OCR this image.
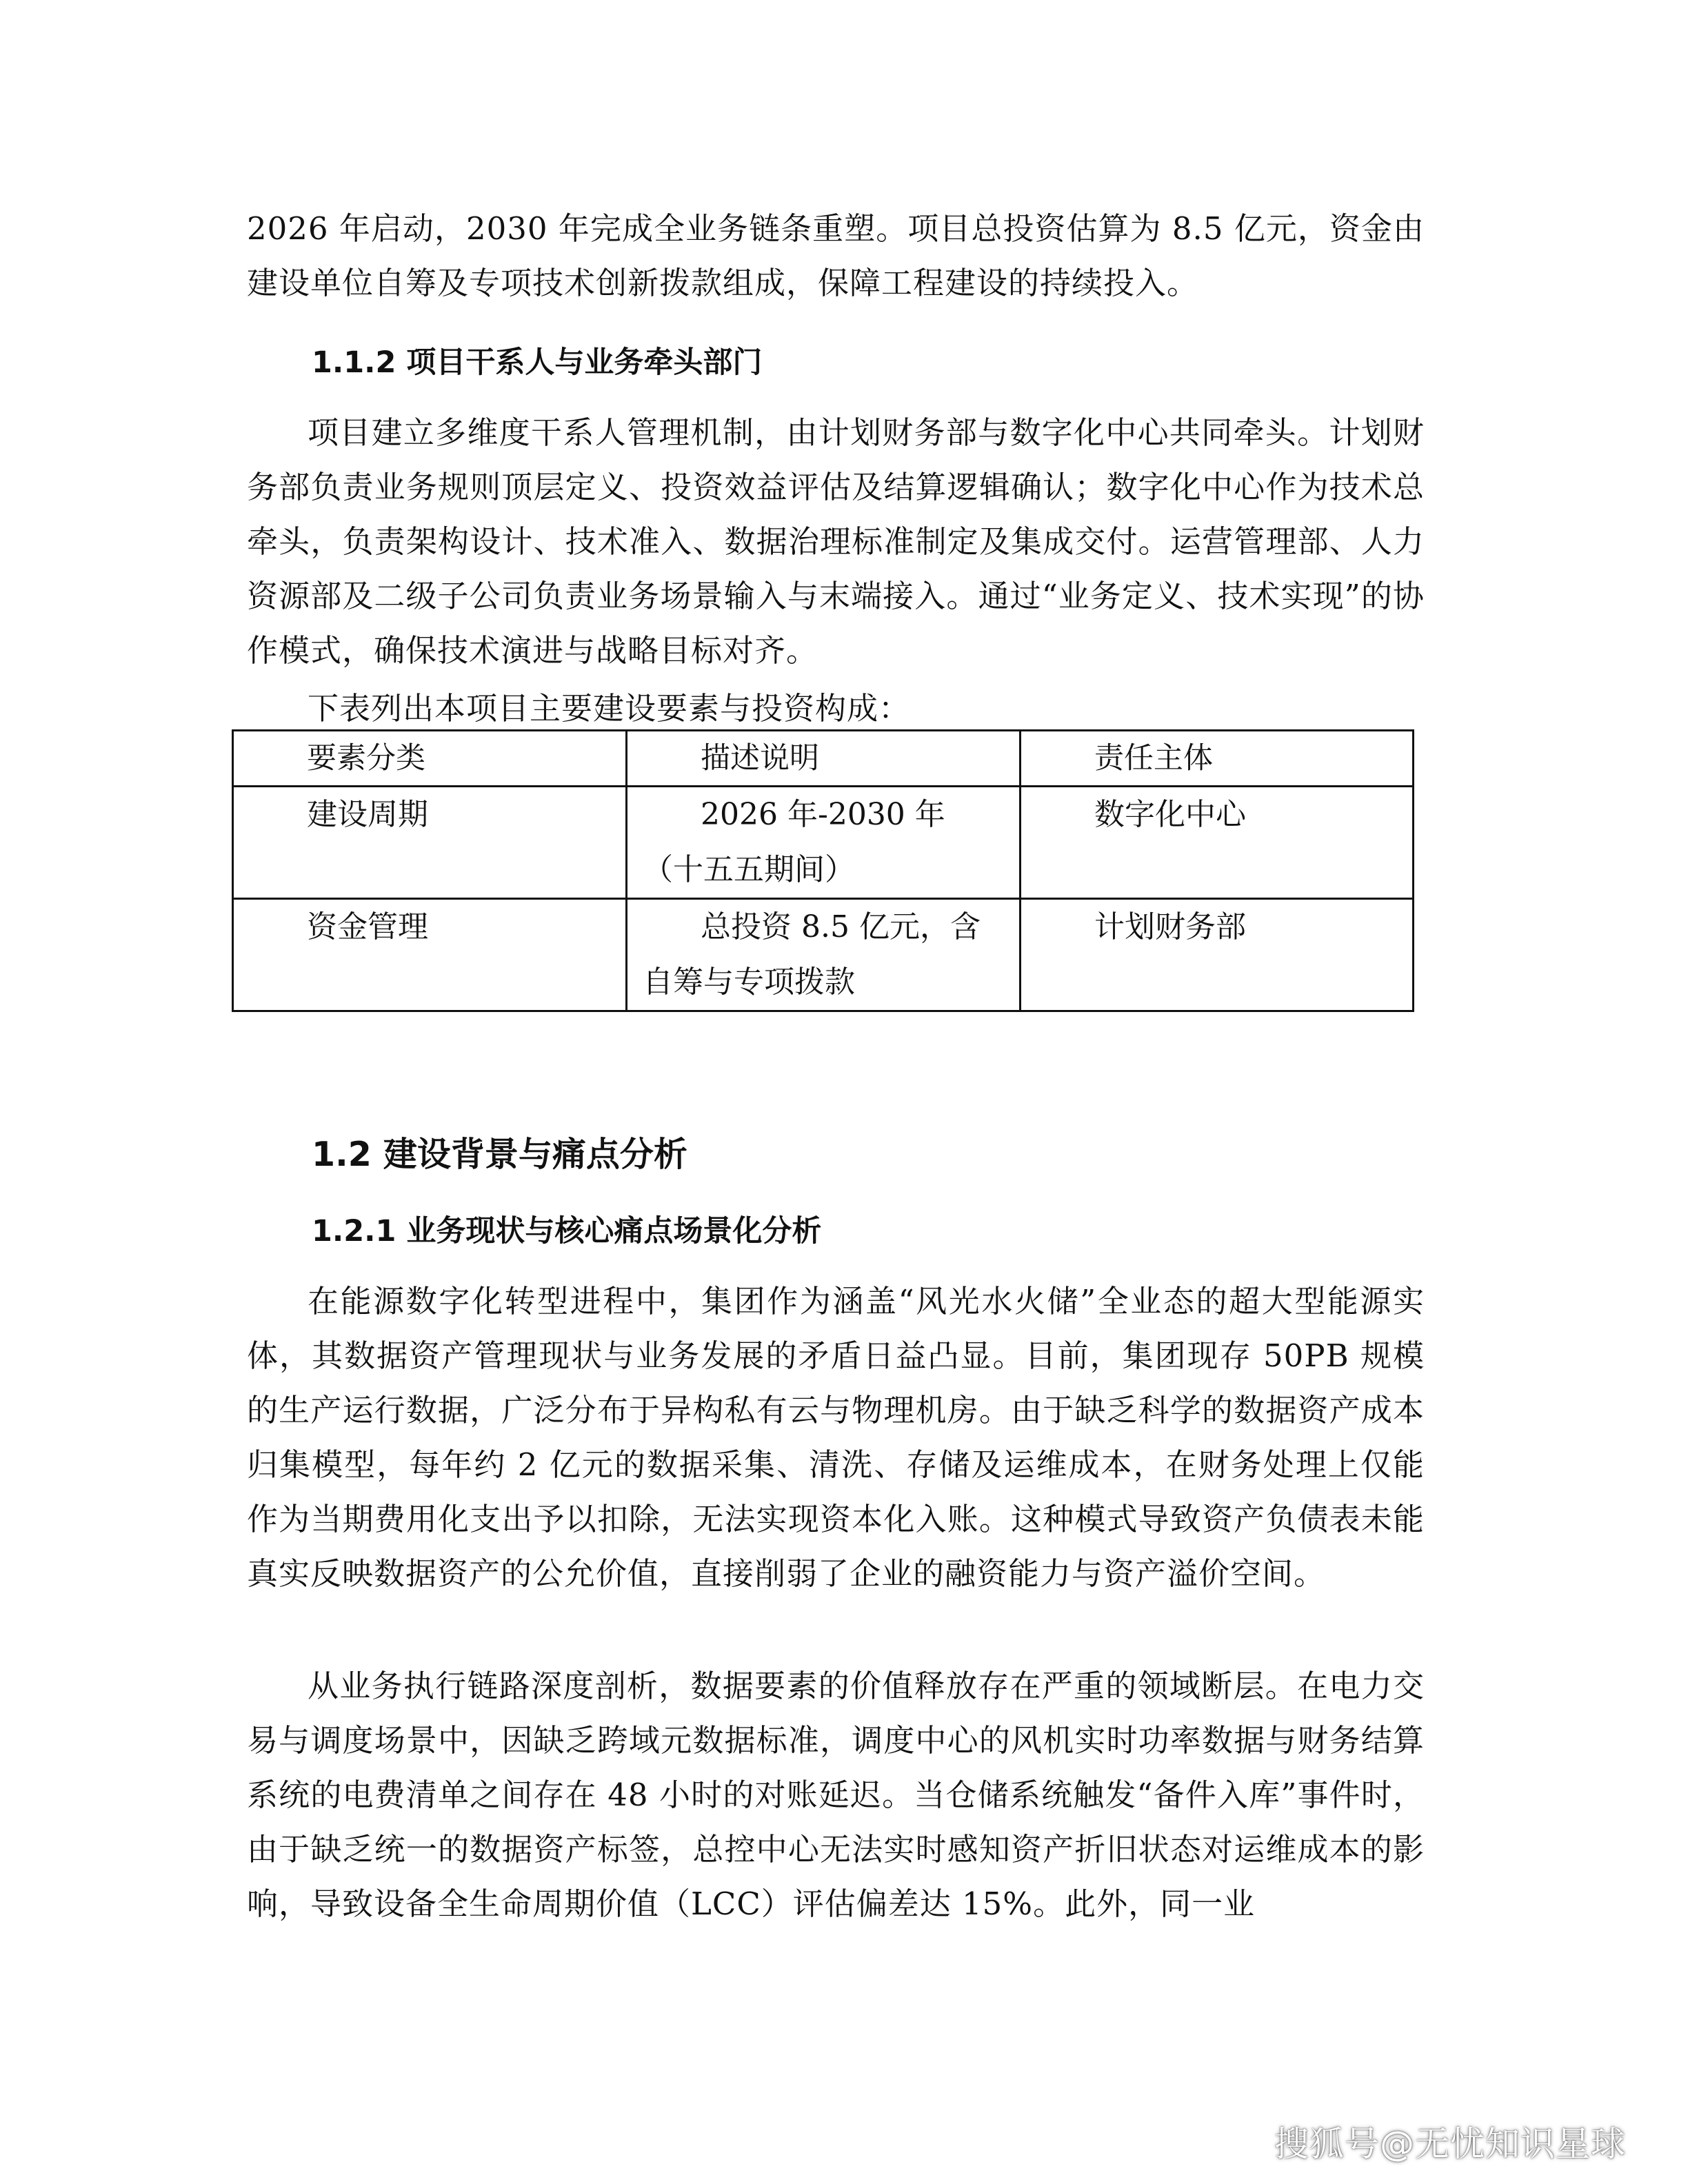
2026 年启动，2030 年完成全业务链条重塑。项目总投资估算为 8.5 亿元，资金由建设单位自筹及专项技术创新拨款组成，保障工程建设的持续投入。

1.1.2 项目干系人与业务牵头部门

项目建立多维度干系人管理机制，由计划财务部与数字化中心共同牵头。计划财务部负责业务规则顶层定义、投资效益评估及结算逻辑确认；数字化中心作为技术总牵头，负责架构设计、技术准入、数据治理标准制定及集成交付。运营管理部、人力资源部及二级子公司负责业务场景输入与末端接入。通过“业务定义、技术实现”的协作模式，确保技术演进与战略目标对齐。

下表列出本项目主要建设要素与投资构成：

要素分类	描述说明	责任主体
建设周期	2026 年-2030 年（十五五期间）	数字化中心
资金管理	总投资 8.5 亿元，含自筹与专项拨款	计划财务部
1.2 建设背景与痛点分析
1.2.1 业务现状与核心痛点场景化分析

在能源数字化转型进程中，集团作为涵盖“风光水火储”全业态的超大型能源实体，其数据资产管理现状与业务发展的矛盾日益凸显。目前，集团现存 50PB 规模的生产运行数据，广泛分布于异构私有云与物理机房。由于缺乏科学的数据资产成本归集模型，每年约 2 亿元的数据采集、清洗、存储及运维成本，在财务处理上仅能作为当期费用化支出予以扣除，无法实现资本化入账。这种模式导致资产负债表未能真实反映数据资产的公允价值，直接削弱了企业的融资能力与资产溢价空间。

从业务执行链路深度剖析，数据要素的价值释放存在严重的领域断层。在电力交易与调度场景中，因缺乏跨域元数据标准，调度中心的风机实时功率数据与财务结算系统的电费清单之间存在 48 小时的对账延迟。当仓储系统触发“备件入库”事件时，由于缺乏统一的数据资产标签，总控中心无法实时感知资产折旧状态对运维成本的影响，导致设备全生命周期价值（LCC）评估偏差达 15%。此外，同一业

搜狐号@无忧知识星球
